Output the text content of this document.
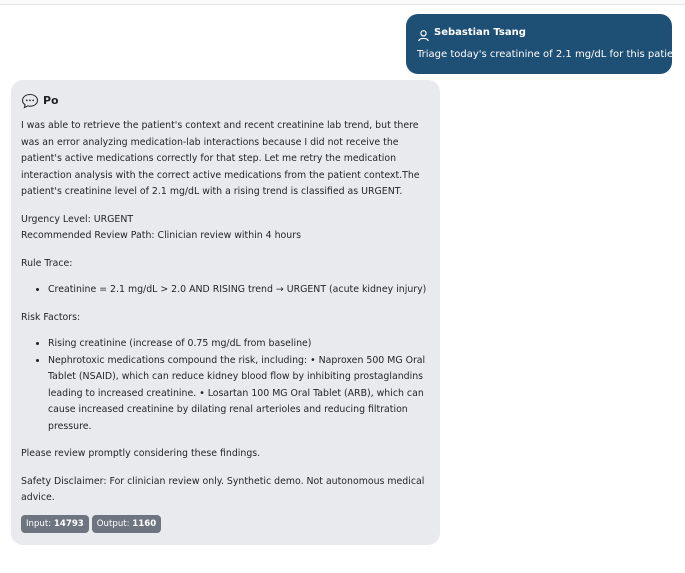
Sebastian Tsang
Triage today's creatinine of 2.1 mg/dL for this patient
Po

I was able to retrieve the patient's context and recent creatinine lab trend, but there was an error analyzing medication-lab interactions because I did not receive the patient's active medications correctly for that step. Let me retry the medication interaction analysis with the correct active medications from the patient context.The patient's creatinine level of 2.1 mg/dL with a rising trend is classified as URGENT.

Urgency Level: URGENT

Recommended Review Path: Clinician review within 4 hours

Rule Trace:

• Creatinine = 2.1 mg/dL > 2.0 AND RISING trend → URGENT (acute kidney injury)

Risk Factors:

• Rising creatinine (increase of 0.75 mg/dL from baseline)
• Nephrotoxic medications compound the risk, including: • Naproxen 500 MG Oral Tablet (NSAID), which can reduce kidney blood flow by inhibiting prostaglandins leading to increased creatinine. • Losartan 100 MG Oral Tablet (ARB), which can cause increased creatinine by dilating renal arterioles and reducing filtration pressure.

Please review promptly considering these findings.

Safety Disclaimer: For clinician review only. Synthetic demo. Not autonomous medical advice.

Input: 14793	Output: 1160
